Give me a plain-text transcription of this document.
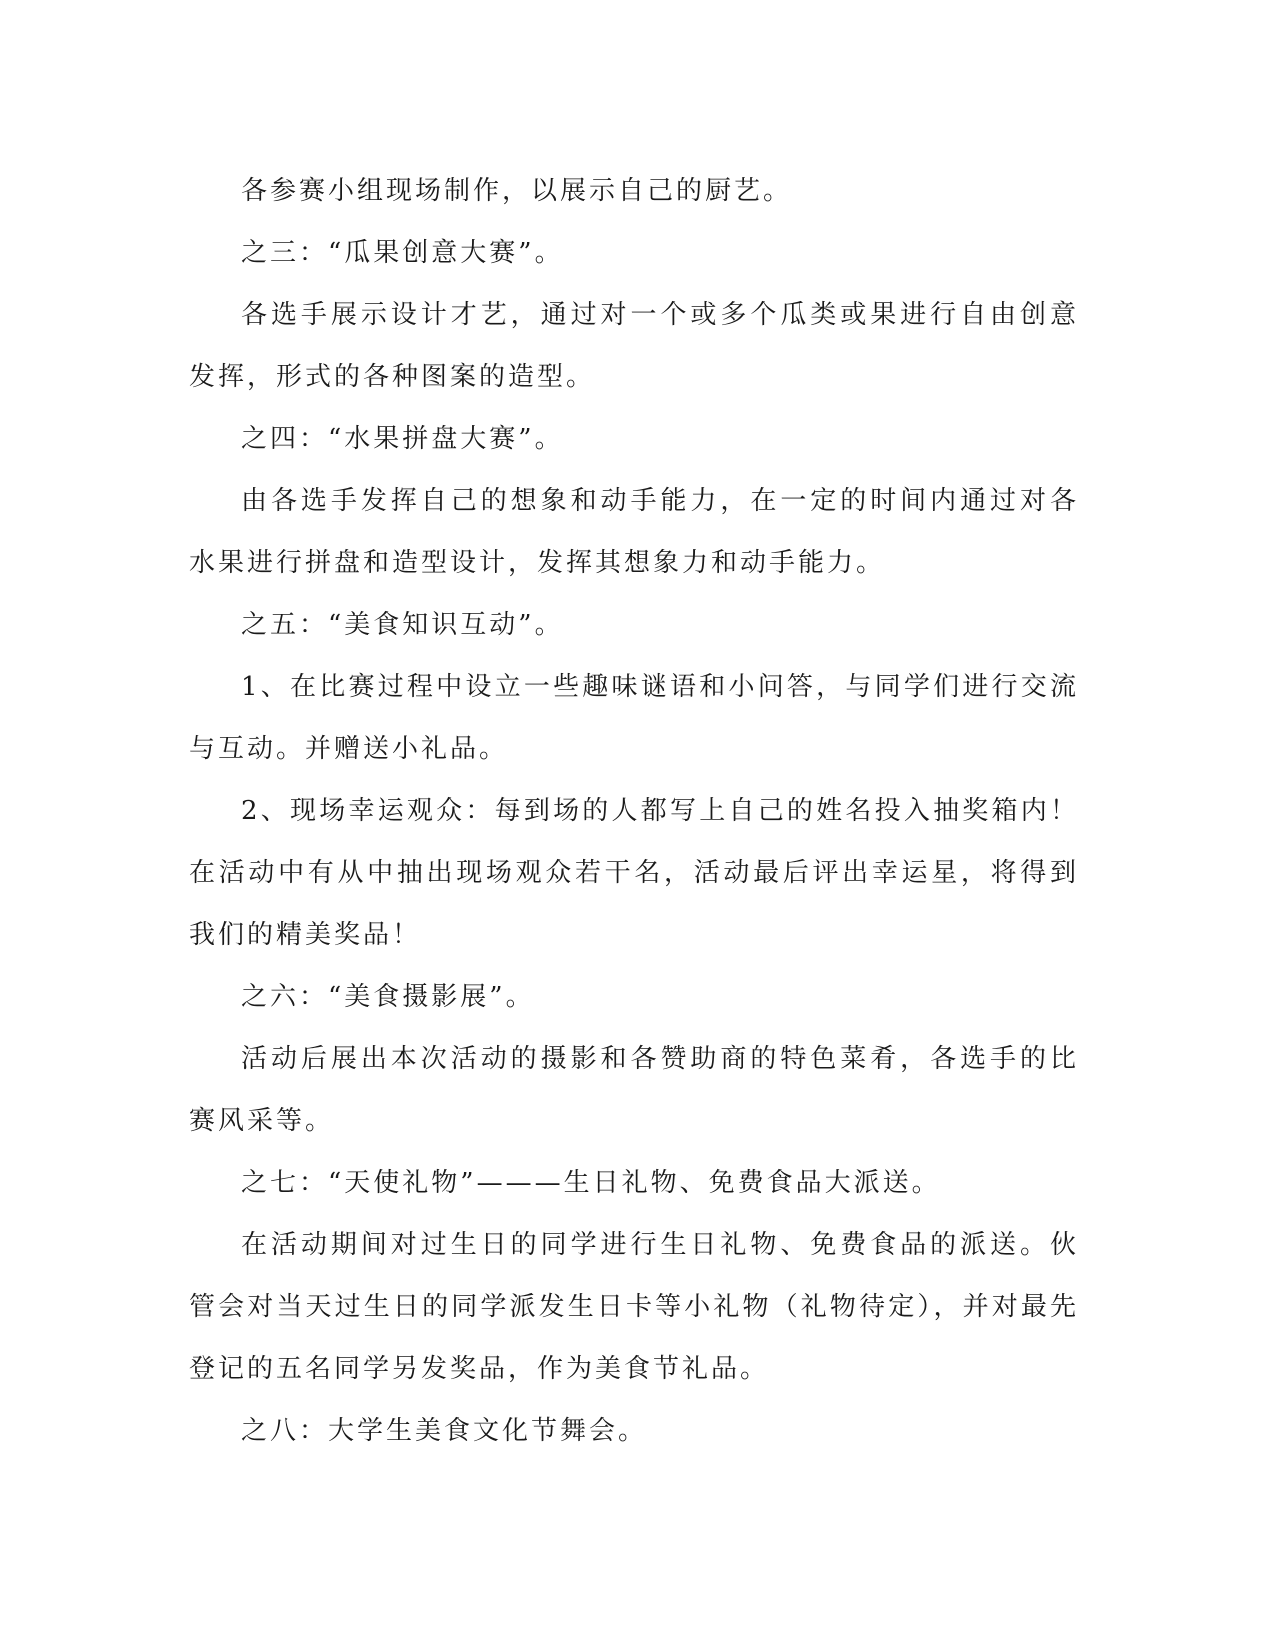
各参赛小组现场制作，以展示自己的厨艺。

之三：“瓜果创意大赛”。

各选手展示设计才艺，通过对一个或多个瓜类或果进行自由创意发挥，形式的各种图案的造型。

之四：“水果拼盘大赛”。

由各选手发挥自己的想象和动手能力，在一定的时间内通过对各水果进行拼盘和造型设计，发挥其想象力和动手能力。

之五：“美食知识互动”。

1、在比赛过程中设立一些趣味谜语和小问答，与同学们进行交流与互动。并赠送小礼品。

2、现场幸运观众：每到场的人都写上自己的姓名投入抽奖箱内！在活动中有从中抽出现场观众若干名，活动最后评出幸运星，将得到我们的精美奖品！

之六：“美食摄影展”。

活动后展出本次活动的摄影和各赞助商的特色菜肴，各选手的比赛风采等。

之七：“天使礼物”———生日礼物、免费食品大派送。

在活动期间对过生日的同学进行生日礼物、免费食品的派送。伙管会对当天过生日的同学派发生日卡等小礼物（礼物待定），并对最先登记的五名同学另发奖品，作为美食节礼品。

之八：大学生美食文化节舞会。
